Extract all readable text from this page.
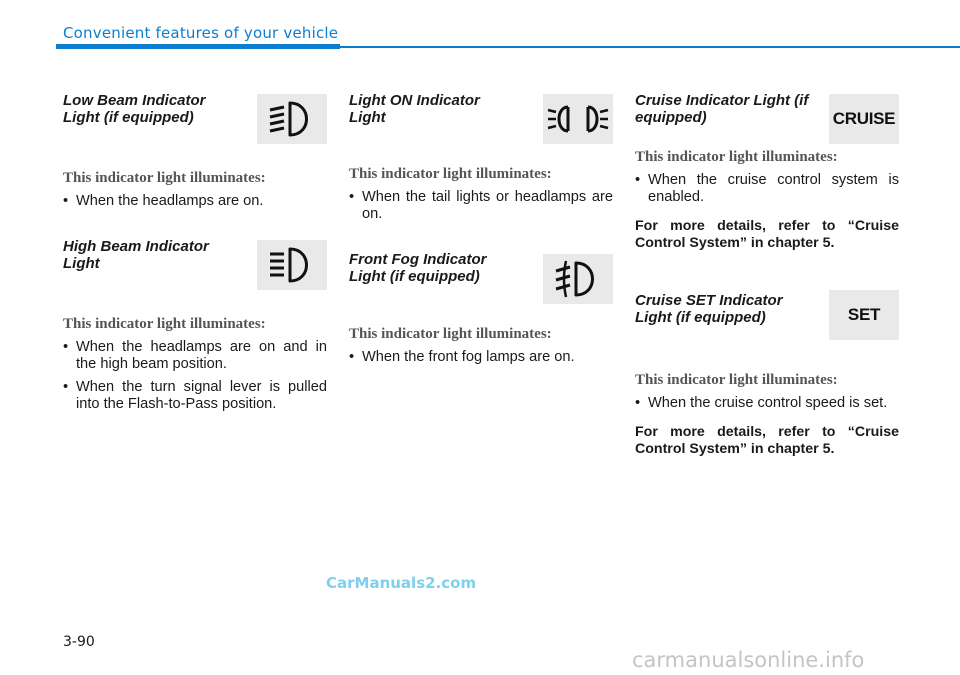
Convenient features of your vehicle

Low Beam Indicator Light (if equipped)

This indicator light illuminates:

• When the headlamps are on.

High Beam Indicator Light

This indicator light illuminates:

• When the headlamps are on and in the high beam position.
• When the turn signal lever is pulled into the Flash-to-Pass position.

Light ON Indicator Light

This indicator light illuminates:

• When the tail lights or headlamps are on.

Front Fog Indicator Light (if equipped)

This indicator light illuminates:

• When the front fog lamps are on.

Cruise Indicator Light (if equipped)	CRUISE

This indicator light illuminates:

• When the cruise control system is enabled.

For more details, refer to “Cruise Control System” in chapter 5.

Cruise SET Indicator Light (if equipped)	SET

This indicator light illuminates:

• When the cruise control speed is set.

For more details, refer to “Cruise Control System” in chapter 5.

CarManuals2.com
3-90
carmanualsonline.info
